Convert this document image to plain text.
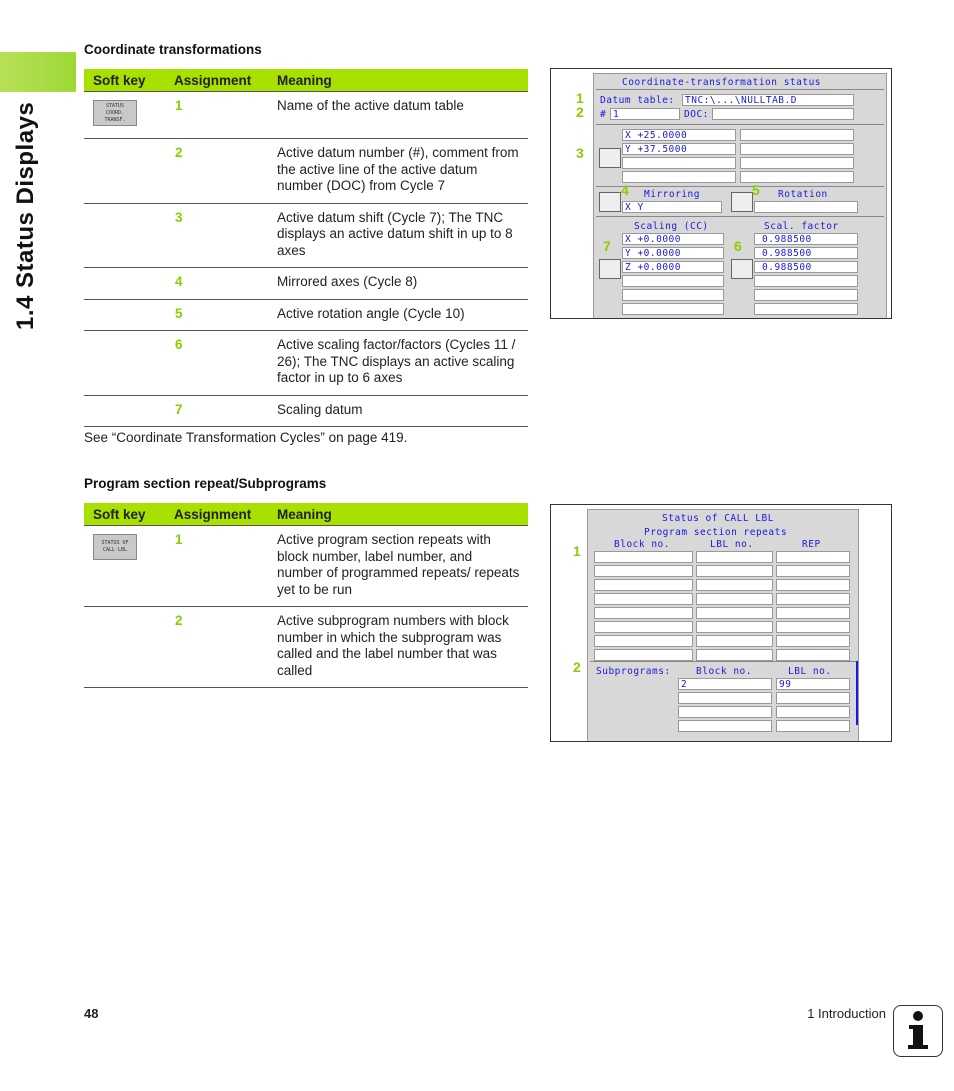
1.4 Status Displays
Coordinate transformations
Soft key	Assignment	Meaning

STATUS
COORD.
TRANSF.	1	Name of the active datum table
	2	Active datum number (#), comment from the active line of the active datum number (DOC) from Cycle 7
	3	Active datum shift (Cycle 7); The TNC displays an active datum shift in up to 8 axes
	4	Mirrored axes (Cycle 8)
	5	Active rotation angle (Cycle 10)
	6	Active scaling factor/factors (Cycles 11 / 26); The TNC displays an active scaling factor in up to 6 axes
	7	Scaling datum
See “Coordinate Transformation Cycles” on page 419.
Coordinate-transformation status
Datum table: TNC:\...\NULLTAB.D
# 1	DOC:
X +25.0000
Y +37.5000
Mirroring
X Y
Rotation
Scaling (CC)	Scal. factor
X +0.0000	0.988500
Y +0.0000	0.988500
Z +0.0000	0.988500
1
2
3
4	5
6
7
Program section repeat/Subprograms
Soft key	Assignment	Meaning

STATUS OF
CALL LBL	1	Active program section repeats with block number, label number, and number of programmed repeats/ repeats yet to be run
	2	Active subprogram numbers with block number in which the subprogram was called and the label number that was called
Status of CALL LBL
Program section repeats
Block no.	LBL no.	REP
Subprograms:	Block no.	LBL no.
2	99
1
2
48	1 Introduction
